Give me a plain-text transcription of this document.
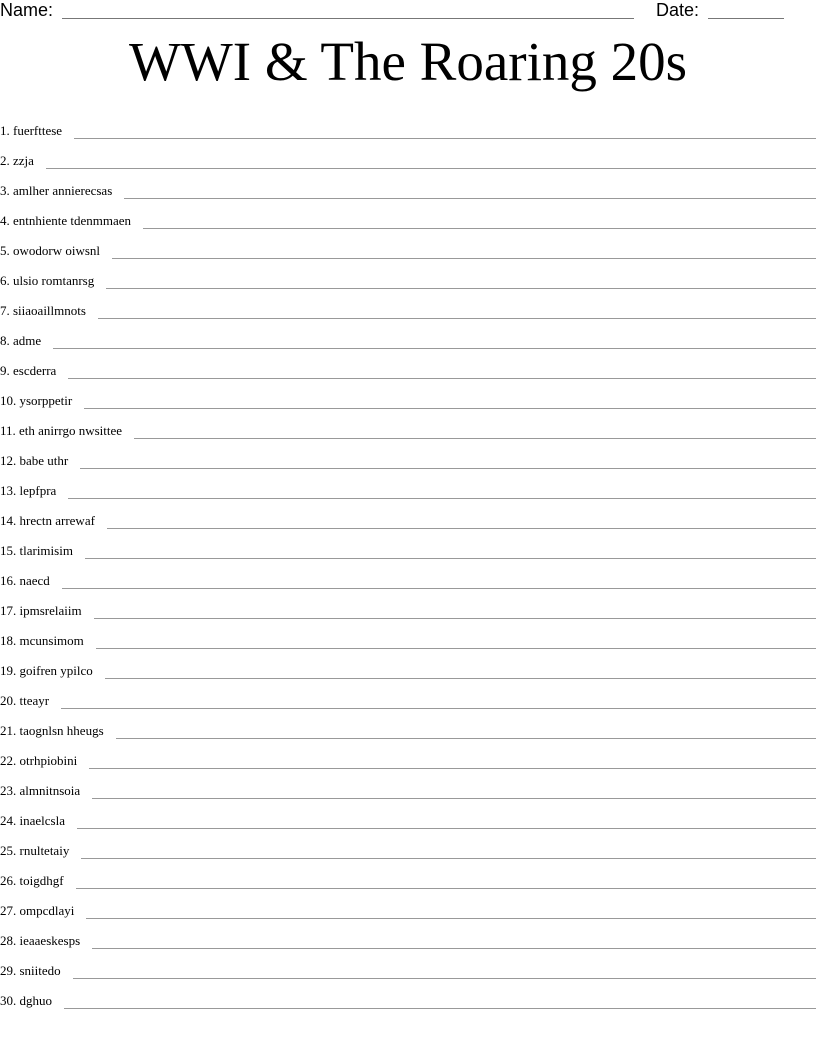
Name:	Date:
WWI & The Roaring 20s
1. fuerfttese
2. zzja
3. amlher annierecsas
4. entnhiente tdenmmaen
5. owodorw oiwsnl
6. ulsio romtanrsg
7. siiaoaillmnots
8. adme
9. escderra
10. ysorppetir
11. eth anirrgo nwsittee
12. babe uthr
13. lepfpra
14. hrectn arrewaf
15. tlarimisim
16. naecd
17. ipmsrelaiim
18. mcunsimom
19. goifren ypilco
20. tteayr
21. taognlsn hheugs
22. otrhpiobini
23. almnitnsoia
24. inaelcsla
25. rnultetaiy
26. toigdhgf
27. ompcdlayi
28. ieaaeskesps
29. sniitedo
30. dghuo
